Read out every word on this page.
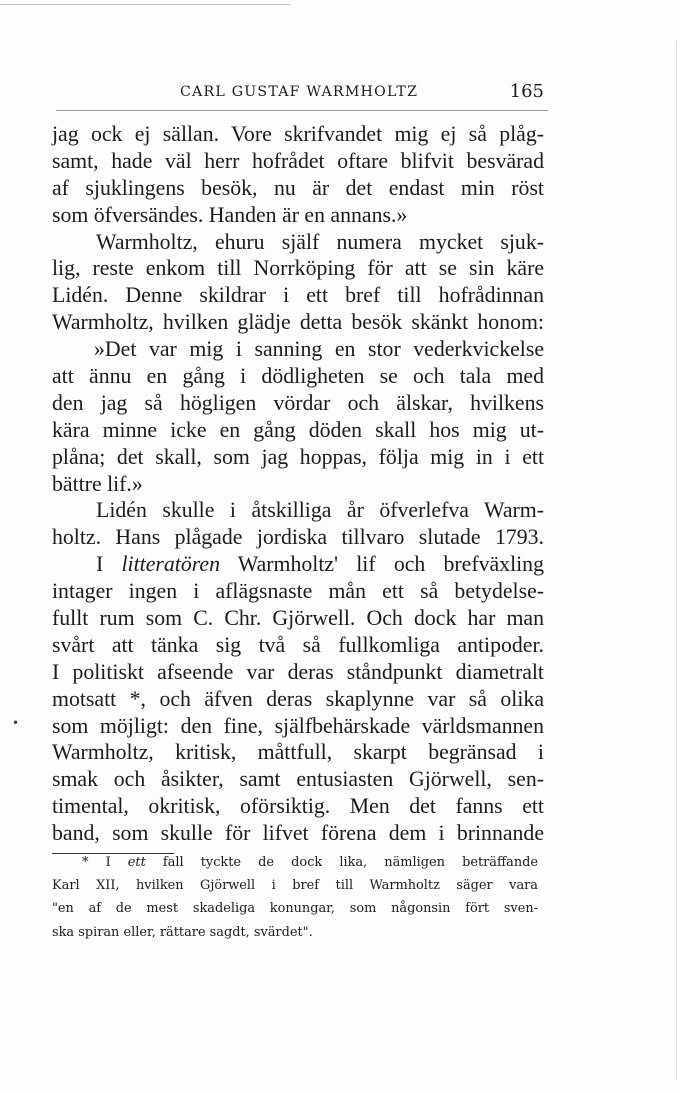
CARL GUSTAF WARMHOLTZ	165
jag ock ej sällan. Vore skrifvandet mig ej så plåg-
samt, hade väl herr hofrådet oftare blifvit besvärad
af sjuklingens besök, nu är det endast min röst
som öfversändes. Handen är en annans.»
Warmholtz, ehuru själf numera mycket sjuk-
lig, reste enkom till Norrköping för att se sin käre
Lidén. Denne skildrar i ett bref till hofrådinnan
Warmholtz, hvilken glädje detta besök skänkt honom:
»Det var mig i sanning en stor vederkvickelse
att ännu en gång i dödligheten se och tala med
den jag så högligen vördar och älskar, hvilkens
kära minne icke en gång döden skall hos mig ut-
plåna; det skall, som jag hoppas, följa mig in i ett
bättre lif.»
Lidén skulle i åtskilliga år öfverlefva Warm-
holtz. Hans plågade jordiska tillvaro slutade 1793.
I litteratören Warmholtz' lif och brefväxling
intager ingen i aflägsnaste mån ett så betydelse-
fullt rum som C. Chr. Gjörwell. Och dock har man
svårt att tänka sig två så fullkomliga antipoder.
I politiskt afseende var deras ståndpunkt diametralt
motsatt *, och äfven deras skaplynne var så olika
som möjligt: den fine, själfbehärskade världsmannen
Warmholtz, kritisk, måttfull, skarpt begränsad i
smak och åsikter, samt entusiasten Gjörwell, sen-
timental, okritisk, oförsiktig. Men det fanns ett
band, som skulle för lifvet förena dem i brinnande
•
* I ett fall tyckte de dock lika, nämligen beträffande
Karl XII, hvilken Gjörwell i bref till Warmholtz säger vara
"en af de mest skadeliga konungar, som någonsin fört sven-
ska spiran eller, rättare sagdt, svärdet".
